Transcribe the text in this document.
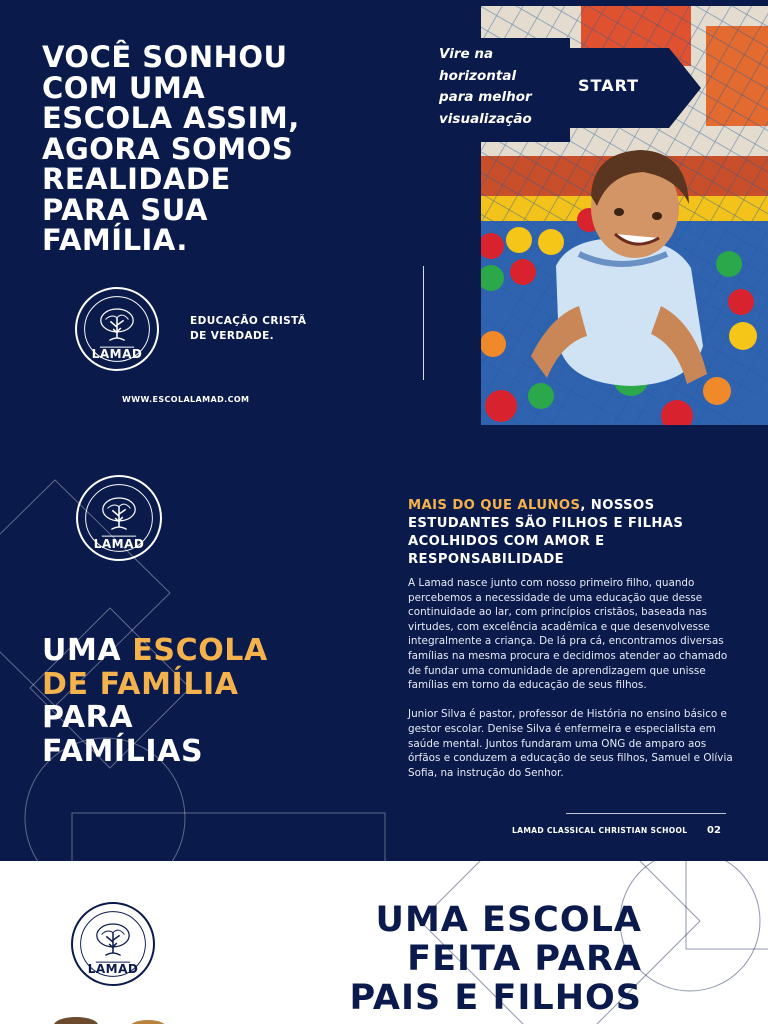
VOCÊ SONHOU
COM UMA
ESCOLA ASSIM,
AGORA SOMOS
REALIDADE
PARA SUA
FAMÍLIA.
LAMAD
EDUCAÇÃO CRISTÃ
DE VERDADE.
WWW.ESCOLALAMAD.COM
Vire na
horizontal
para melhor
visualização
START
LAMAD
MAIS DO QUE ALUNOS, NOSSOS ESTUDANTES SÃO FILHOS E FILHAS ACOLHIDOS COM AMOR E RESPONSABILIDADE

A Lamad nasce junto com nosso primeiro filho, quando percebemos a necessidade de uma educação que desse continuidade ao lar, com princípios cristãos, baseada nas virtudes, com excelência acadêmica e que desenvolvesse integralmente a criança. De lá pra cá, encontramos diversas famílias na mesma procura e decidimos atender ao chamado de fundar uma comunidade de aprendizagem que unisse famílias em torno da educação de seus filhos.

Junior Silva é pastor, professor de História no ensino básico e gestor escolar. Denise Silva é enfermeira e especialista em saúde mental. Juntos fundaram uma ONG de amparo aos órfãos e conduzem a educação de seus filhos, Samuel e Olívia Sofia, na instrução do Senhor.

UMA ESCOLA
DE FAMÍLIA
PARA
FAMÍLIAS
LAMAD CLASSICAL CHRISTIAN SCHOOL 02
LAMAD
UMA ESCOLA
FEITA PARA
PAIS E FILHOS
